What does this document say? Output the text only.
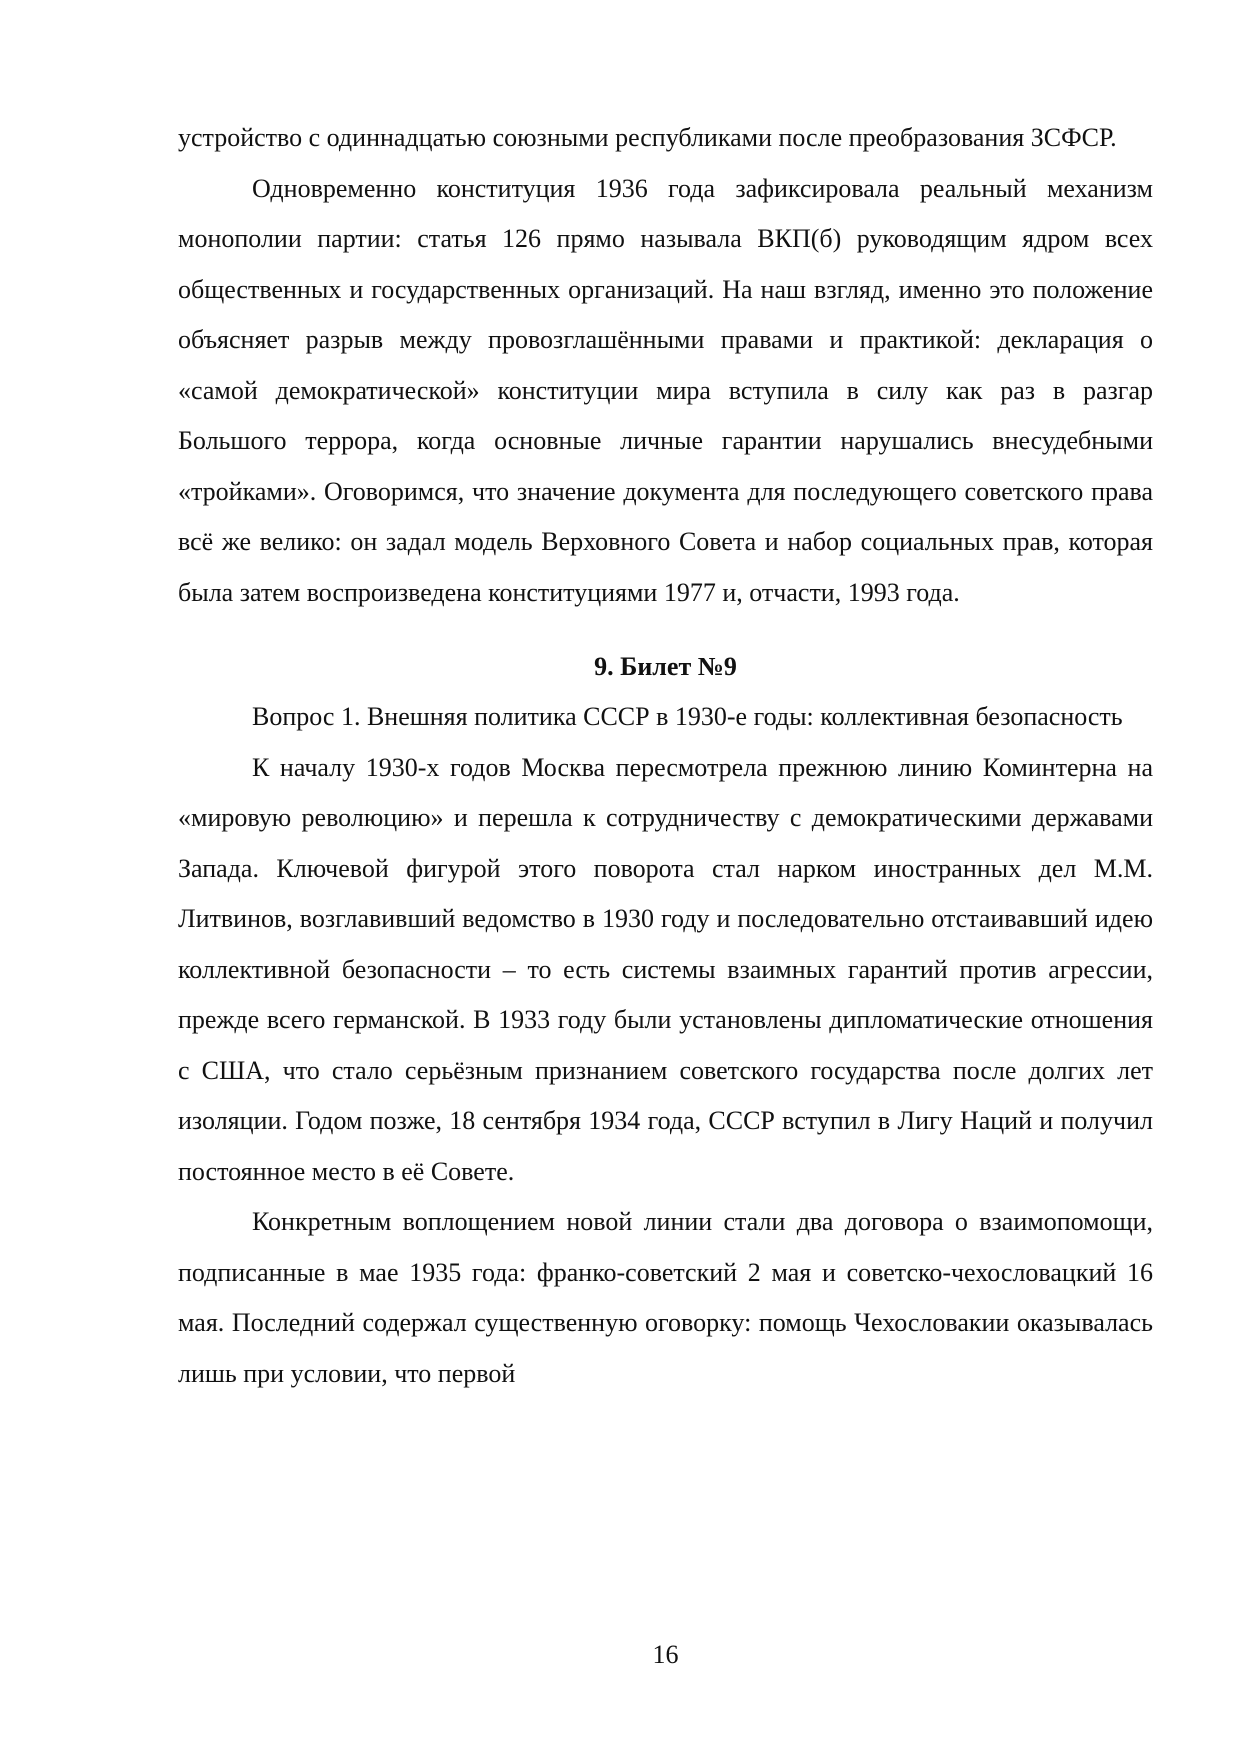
устройство с одиннадцатью союзными республиками после преобразования ЗСФСР.

Одновременно конституция 1936 года зафиксировала реальный механизм монополии партии: статья 126 прямо называла ВКП(б) руководящим ядром всех общественных и государственных организаций. На наш взгляд, именно это положение объясняет разрыв между провозглашёнными правами и практикой: декларация о «самой демократической» конституции мира вступила в силу как раз в разгар Большого террора, когда основные личные гарантии нарушались внесудебными «тройками». Оговоримся, что значение документа для последующего советского права всё же велико: он задал модель Верховного Совета и набор социальных прав, которая была затем воспроизведена конституциями 1977 и, отчасти, 1993 года.

9. Билет №9

Вопрос 1. Внешняя политика СССР в 1930-е годы: коллективная безопасность

К началу 1930-х годов Москва пересмотрела прежнюю линию Коминтерна на «мировую революцию» и перешла к сотрудничеству с демократическими державами Запада. Ключевой фигурой этого поворота стал нарком иностранных дел М.М. Литвинов, возглавивший ведомство в 1930 году и последовательно отстаивавший идею коллективной безопасности – то есть системы взаимных гарантий против агрессии, прежде всего германской. В 1933 году были установлены дипломатические отношения с США, что стало серьёзным признанием советского государства после долгих лет изоляции. Годом позже, 18 сентября 1934 года, СССР вступил в Лигу Наций и получил постоянное место в её Совете.

Конкретным воплощением новой линии стали два договора о взаимопомощи, подписанные в мае 1935 года: франко-советский 2 мая и советско-чехословацкий 16 мая. Последний содержал существенную оговорку: помощь Чехословакии оказывалась лишь при условии, что первой

16
